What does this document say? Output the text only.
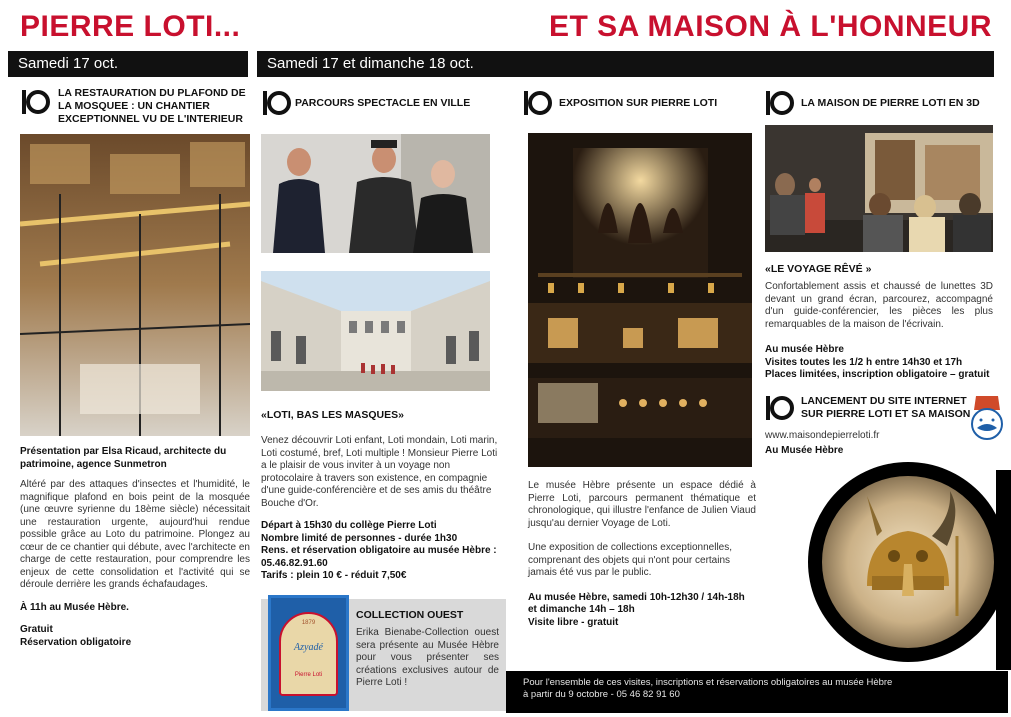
PIERRE LOTI...	ET SA MAISON À L'HONNEUR
Samedi 17 oct.	Samedi 17 et dimanche 18 oct.
LA RESTAURATION DU PLAFOND DE LA MOSQUEE : UN CHANTIER EXCEPTIONNEL VU DE L'INTERIEUR
Présentation par Elsa Ricaud, architecte du patrimoine, agence Sunmetron
Altéré par des attaques d'insectes et l'humidité, le magnifique plafond en bois peint de la mosquée (une œuvre syrienne du 18ème siècle) nécessitait une restauration urgente, aujourd'hui rendue possible grâce au Loto du patrimoine. Plongez au cœur de ce chantier qui débute, avec l'architecte en charge de cette restauration, pour comprendre les enjeux de cette consolidation et l'activité qui se déroule derrière les grands échafaudages.
À 11h au Musée Hèbre.
Gratuit
Réservation obligatoire
PARCOURS SPECTACLE EN VILLE
«LOTI, BAS LES MASQUES»
Venez découvrir Loti enfant, Loti mondain, Loti marin, Loti costumé, bref, Loti multiple ! Monsieur Pierre Loti a le plaisir de vous inviter à un voyage non protocolaire à travers son existence, en compagnie d'une guide-conférencière et de ses amis du théâtre Bouche d'Or.
Départ à 15h30 du collège Pierre Loti
Nombre limité de personnes - durée 1h30
Rens. et réservation obligatoire au musée Hèbre :
05.46.82.91.60
Tarifs : plein 10 € - réduit 7,50€
1879
Azyadé
Pierre Loti
COLLECTION OUEST
Erika Bienabe-Collection ouest sera présente au Musée Hèbre pour vous présenter ses créations exclusives autour de Pierre Loti !
EXPOSITION SUR PIERRE LOTI
Le musée Hèbre présente un espace dédié à Pierre Loti, parcours permanent thématique et chronologique, qui illustre l'enfance de Julien Viaud jusqu'au dernier Voyage de Loti.
Une exposition de collections exceptionnelles, comprenant des objets qui n'ont pour certains jamais été vus par le public.
Au musée Hèbre, samedi 10h-12h30 / 14h-18h et dimanche 14h – 18h
Visite libre - gratuit
LA MAISON DE PIERRE LOTI EN 3D
«LE VOYAGE RÊVÉ »
Confortablement assis et chaussé de lunettes 3D devant un grand écran, parcourez, accompagné d'un guide-conférencier, les pièces les plus remarquables de la maison de l'écrivain.
Au musée Hèbre
Visites toutes les 1/2 h entre 14h30 et 17h
Places limitées, inscription obligatoire – gratuit
LANCEMENT DU SITE INTERNET SUR PIERRE LOTI ET SA MAISON
www.maisondepierreloti.fr
Au Musée Hèbre
Pour l'ensemble de ces visites, inscriptions et réservations obligatoires au musée Hèbre
à partir du 9 octobre - 05 46 82 91 60
